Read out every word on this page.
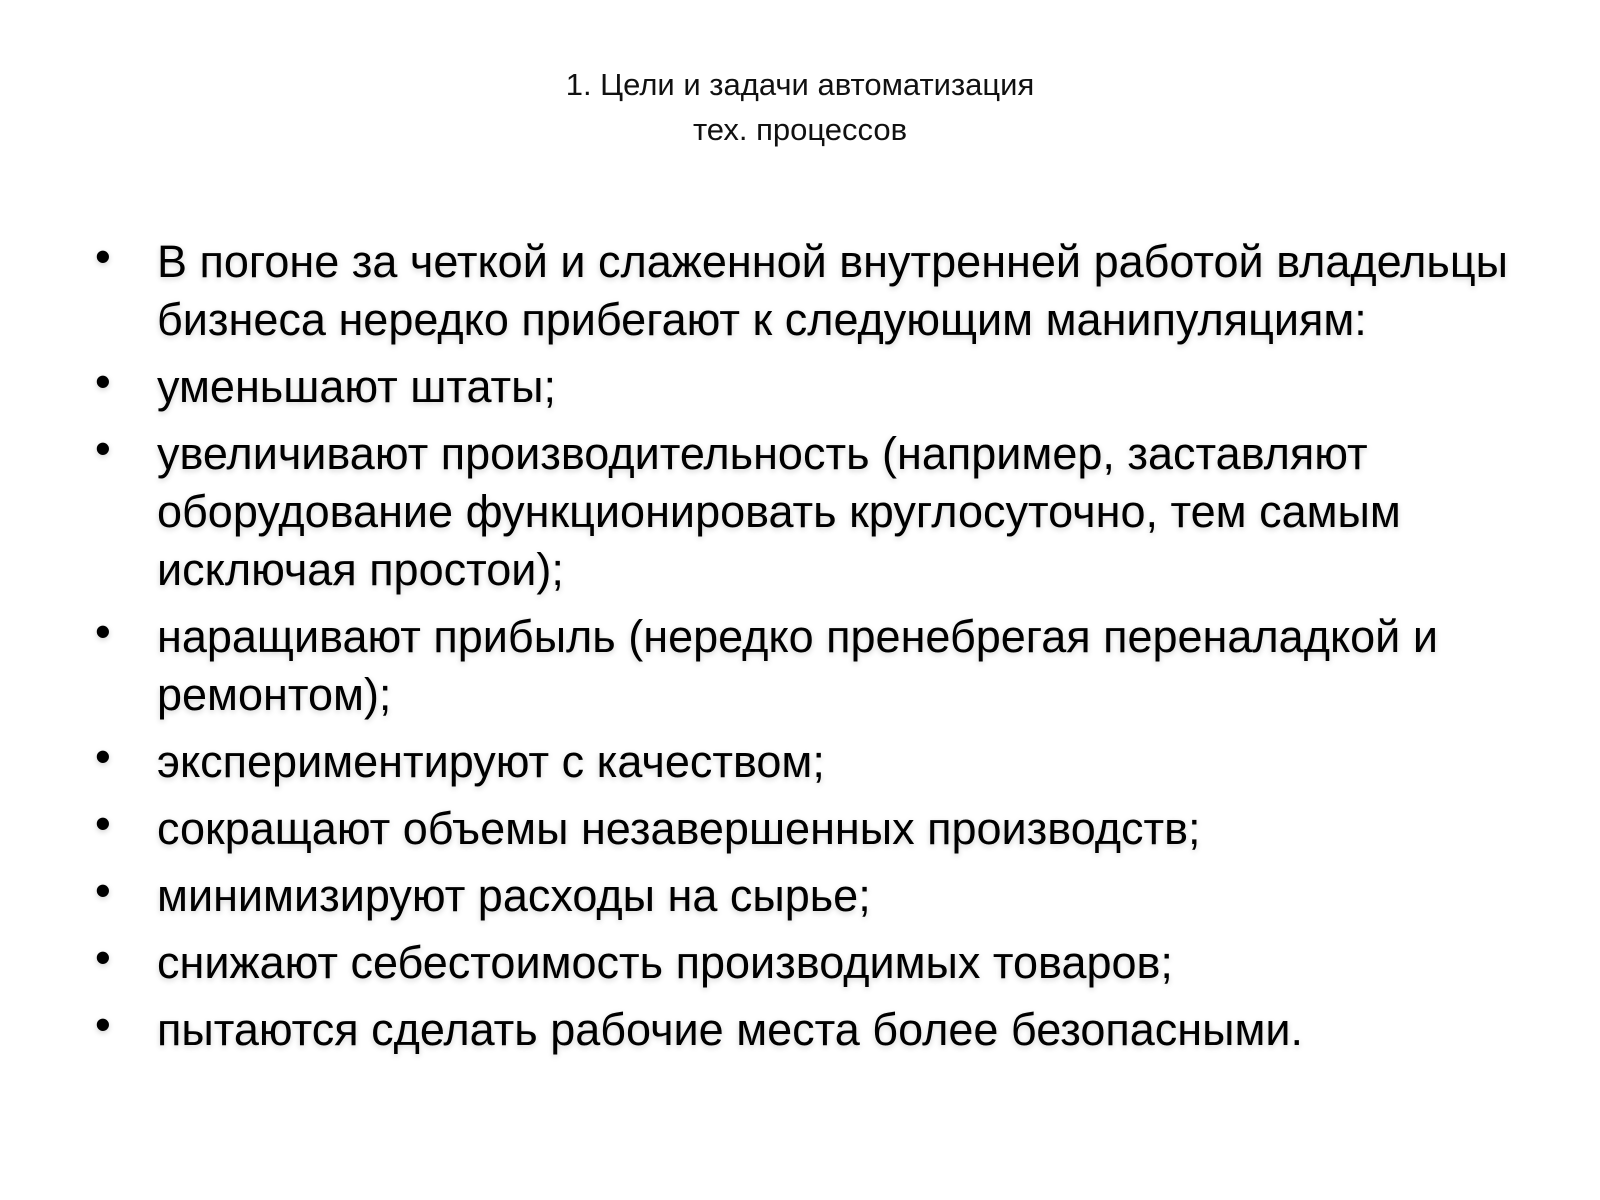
1. Цели и задачи автоматизация
тех. процессов
• В погоне за четкой и слаженной внутренней работой владельцы бизнеса нередко прибегают к следующим манипуляциям:
• уменьшают штаты;
• увеличивают производительность (например, заставляют оборудование функционировать круглосуточно, тем самым исключая простои);
• наращивают прибыль (нередко пренебрегая переналадкой и ремонтом);
• экспериментируют с качеством;
• сокращают объемы незавершенных производств;
• минимизируют расходы на сырье;
• снижают себестоимость производимых товаров;
• пытаются сделать рабочие места более безопасными.
